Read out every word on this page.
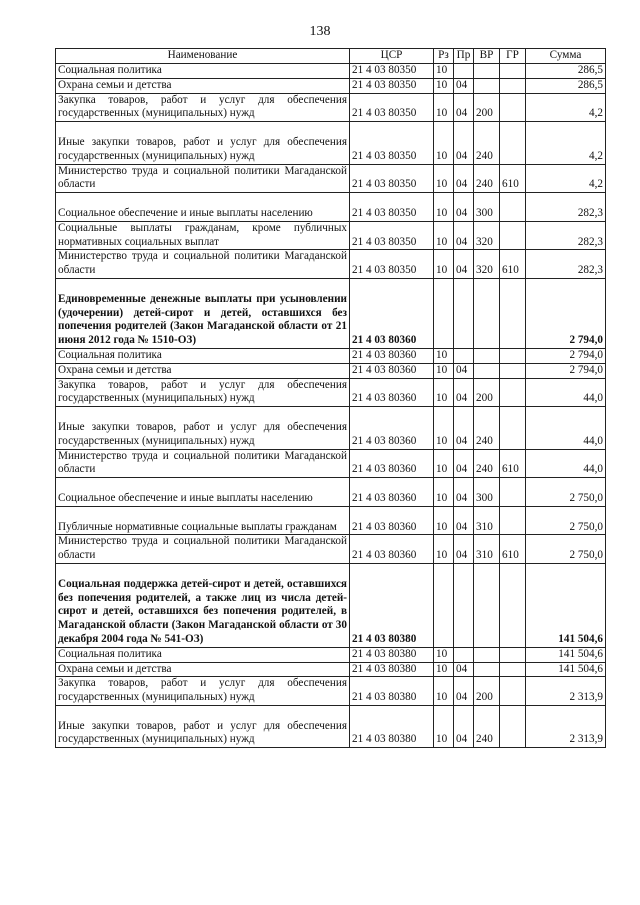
138
Наименование	ЦСР	Рз	Пр	ВР	ГР	Сумма
Социальная политика	21 4 03 80350	10				286,5
Охрана семьи и детства	21 4 03 80350	10	04			286,5
Закупка товаров, работ и услуг для обеспечения государственных (муниципальных) нужд	21 4 03 80350	10	04	200		4,2
Иные закупки товаров, работ и услуг для обеспечения государственных (муниципальных) нужд	21 4 03 80350	10	04	240		4,2
Министерство труда и социальной политики Магаданской области	21 4 03 80350	10	04	240	610	4,2
Социальное обеспечение и иные выплаты населению	21 4 03 80350	10	04	300		282,3
Социальные выплаты гражданам, кроме публичных нормативных социальных выплат	21 4 03 80350	10	04	320		282,3
Министерство труда и социальной политики Магаданской области	21 4 03 80350	10	04	320	610	282,3
Единовременные денежные выплаты при усыновлении (удочерении) детей-сирот и детей, оставшихся без попечения родителей (Закон Магаданской области от 21 июня 2012 года № 1510-ОЗ)	21 4 03 80360					2 794,0
Социальная политика	21 4 03 80360	10				2 794,0
Охрана семьи и детства	21 4 03 80360	10	04			2 794,0
Закупка товаров, работ и услуг для обеспечения государственных (муниципальных) нужд	21 4 03 80360	10	04	200		44,0
Иные закупки товаров, работ и услуг для обеспечения государственных (муниципальных) нужд	21 4 03 80360	10	04	240		44,0
Министерство труда и социальной политики Магаданской области	21 4 03 80360	10	04	240	610	44,0
Социальное обеспечение и иные выплаты населению	21 4 03 80360	10	04	300		2 750,0
Публичные нормативные социальные выплаты гражданам	21 4 03 80360	10	04	310		2 750,0
Министерство труда и социальной политики Магаданской области	21 4 03 80360	10	04	310	610	2 750,0
Социальная поддержка детей-сирот и детей, оставшихся без попечения родителей, а также лиц из числа детей-сирот и детей, оставшихся без попечения родителей, в Магаданской области (Закон Магаданской области от 30 декабря 2004 года № 541-ОЗ)	21 4 03 80380					141 504,6
Социальная политика	21 4 03 80380	10				141 504,6
Охрана семьи и детства	21 4 03 80380	10	04			141 504,6
Закупка товаров, работ и услуг для обеспечения государственных (муниципальных) нужд	21 4 03 80380	10	04	200		2 313,9
Иные закупки товаров, работ и услуг для обеспечения государственных (муниципальных) нужд	21 4 03 80380	10	04	240		2 313,9
